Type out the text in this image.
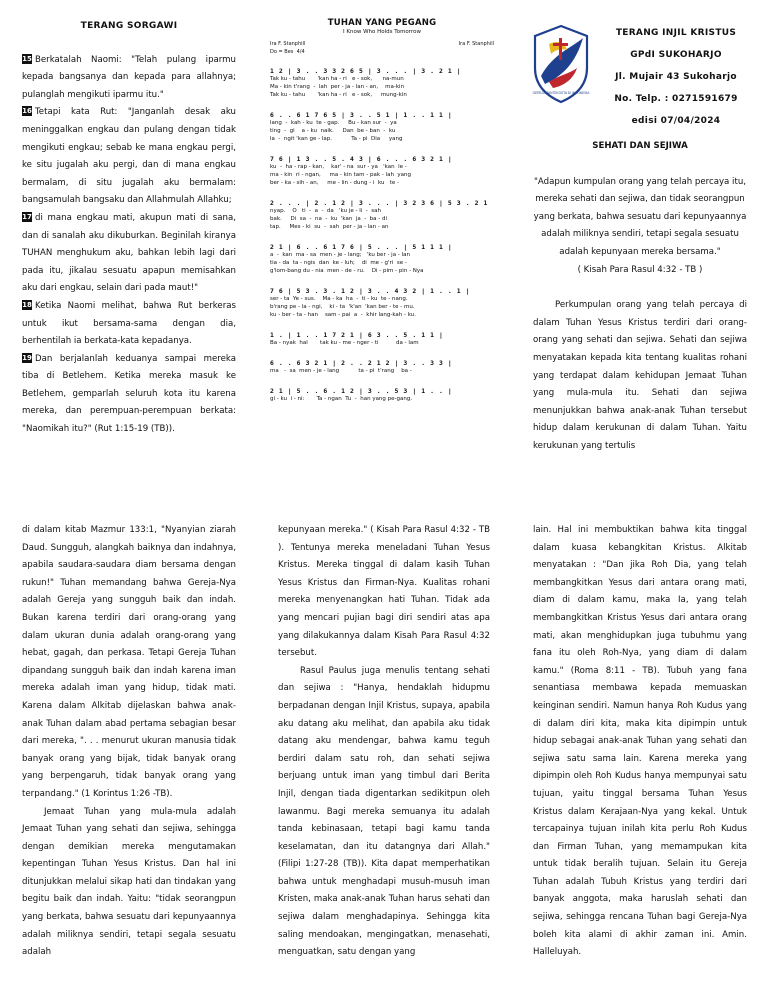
TERANG SORGAWI

15 Berkatalah Naomi: "Telah pulang iparmu kepada bangsanya dan kepada para allahnya; pulanglah mengikuti iparmu itu."

16 Tetapi kata Rut: "Janganlah desak aku meninggalkan engkau dan pulang dengan tidak mengikuti engkau; sebab ke mana engkau pergi, ke situ jugalah aku pergi, dan di mana engkau bermalam, di situ jugalah aku bermalam: bangsamulah bangsaku dan Allahmulah Allahku;

17 di mana engkau mati, akupun mati di sana, dan di sanalah aku dikuburkan. Beginilah kiranya TUHAN menghukum aku, bahkan lebih lagi dari pada itu, jikalau sesuatu apapun memisahkan aku dari engkau, selain dari pada maut!"

18 Ketika Naomi melihat, bahwa Rut berkeras untuk ikut bersama-sama dengan dia, berhentilah ia berkata-kata kepadanya.

19 Dan berjalanlah keduanya sampai mereka tiba di Betlehem. Ketika mereka masuk ke Betlehem, gemparlah seluruh kota itu karena mereka, dan perempuan-perempuan berkata: "Naomikah itu?" (Rut 1:15-19 (TB)).

TUHAN YANG PEGANG
I Know Who Holds Tomorrow
Ira F. Stanphill	Ira F. Stanphill
Do = Bes 4/4
1 2 | 3 . . 3 3 2 6 5 | 3 . . . | 3 . 2 1 |
Tak ku - tahu       'kan ha - ri   e - sok,      na-mun
Ma - kin t'rang  -  lah  per - ja - lan - an,    ma-kin
Tak ku - tahu       'kan ha - ri   e - sok,     mung-kin
6 . . 6 1 7 6 5 | 3 . . 5 1 | 1 . . 1 1 |
lang  -  kah - ku  te - gap.     Bu - kan sur  -  ya
ting  -  gi    a - ku  naik.     Dan  be - ban  -  ku
la  -  ngit 'kan ge - lap.           Ta - pi  Dia     yang
7 6 | 1 3 . . 5 . 4 3 | 6 . . . 6 3 2 1 |
ku  -  ha - rap - kan,    kar' - na  sur - ya   'kan  le -
ma - kin  ri - ngan,     ma - kin tam - pak - lah  yang
ber - ka - sih - an,     me - lin - dung - i  ku   te -
2 . . . | 2 . 1 2 | 3 . . . | 3 2 3 6 | 5 3 . 2 1
nyap.    O   ti  -  a  -  da   'ku je - li  -  sah
bak.     Di  sa  -  na  -  ku  'kan  ja  -  ba - di
tap.     Mes - ki  su  -  sah  per - ja - lan - an
2 1 | 6 . . 6 1 7 6 | 5 . . . | 5 1 1 1 |
a  -  kan  ma - sa  men - je - lang;   'ku ber - ja - lan
tia - da  ta - ngis  dan  ke - luh;    di  me - g'ri  se -
g'lom-bang du - nia  men - de - ru.    Di - pim - pin - Nya
7 6 | 5 3 . 3 . 1 2 | 3 . . 4 3 2 | 1 . . 1 |
ser - ta  Ye - sus.    Ma - ka  ha  -  ti - ku  te - nang.
b'rang pe - la - ngi,    ki - ta  'k'an  'kan ber - te - mu.
ku - ber - ta - han    sam - pai  a  -  khir lang-kah - ku.
1 . | 1 . . 1 7 2 1 | 6 3 . . 5 . 1 1 |
Ba - nyak  hal       tak ku - me - nger - ti          da - lam
6 . . 6 3 2 1 | 2 . . 2 1 2 | 3 . . 3 3 |
ma   -  sa  men - je - lang           ta - pi  t'rang    ba -
2 1 | 5 . . 6 . 1 2 | 3 . . 5 3 | 1 . . |
gi - ku  i - ni:       Ta - ngan  Tu  -  han yang pe-gang.
GEREJA PANTEKOSTA DI INDONESIA
TERANG INJIL KRISTUS
GPdI SUKOHARJO
Jl. Mujair 43 Sukoharjo
No. Telp. : 0271591679
edisi 07/04/2024
SEHATI DAN SEJIWA

"Adapun kumpulan orang yang telah percaya itu, mereka sehati dan sejiwa, dan tidak seorangpun yang berkata, bahwa sesuatu dari kepunyaannya adalah miliknya sendiri, tetapi segala sesuatu adalah kepunyaan mereka bersama."

( Kisah Para Rasul 4:32 - TB )

Perkumpulan orang yang telah percaya di dalam Tuhan Yesus Kristus terdiri dari orang-orang yang sehati dan sejiwa. Sehati dan sejiwa menyatakan kepada kita tentang kualitas rohani yang terdapat dalam kehidupan Jemaat Tuhan yang mula-mula itu. Sehati dan sejiwa menunjukkan bahwa anak-anak Tuhan tersebut hidup dalam kerukunan di dalam Tuhan. Yaitu kerukunan yang tertulis

di dalam kitab Mazmur 133:1, "Nyanyian ziarah Daud. Sungguh, alangkah baiknya dan indahnya, apabila saudara-saudara diam bersama dengan rukun!" Tuhan memandang bahwa Gereja-Nya adalah Gereja yang sungguh baik dan indah. Bukan karena terdiri dari orang-orang yang dalam ukuran dunia adalah orang-orang yang hebat, gagah, dan perkasa. Tetapi Gereja Tuhan dipandang sungguh baik dan indah karena iman mereka adalah iman yang hidup, tidak mati. Karena dalam Alkitab dijelaskan bahwa anak-anak Tuhan dalam abad pertama sebagian besar dari mereka, ". . . menurut ukuran manusia tidak banyak orang yang bijak, tidak banyak orang yang berpengaruh, tidak banyak orang yang terpandang." (1 Korintus 1:26 -TB).

Jemaat Tuhan yang mula-mula adalah Jemaat Tuhan yang sehati dan sejiwa, sehingga dengan demikian mereka mengutamakan kepentingan Tuhan Yesus Kristus. Dan hal ini ditunjukkan melalui sikap hati dan tindakan yang begitu baik dan indah. Yaitu: "tidak seorangpun yang berkata, bahwa sesuatu dari kepunyaannya adalah miliknya sendiri, tetapi segala sesuatu adalah

kepunyaan mereka." ( Kisah Para Rasul 4:32 - TB ). Tentunya mereka meneladani Tuhan Yesus Kristus. Mereka tinggal di dalam kasih Tuhan Yesus Kristus dan Firman-Nya. Kualitas rohani mereka menyenangkan hati Tuhan. Tidak ada yang mencari pujian bagi diri sendiri atas apa yang dilakukannya dalam Kisah Para Rasul 4:32 tersebut.

Rasul Paulus juga menulis tentang sehati dan sejiwa : "Hanya, hendaklah hidupmu berpadanan dengan Injil Kristus, supaya, apabila aku datang aku melihat, dan apabila aku tidak datang aku mendengar, bahwa kamu teguh berdiri dalam satu roh, dan sehati sejiwa berjuang untuk iman yang timbul dari Berita Injil, dengan tiada digentarkan sedikitpun oleh lawanmu. Bagi mereka semuanya itu adalah tanda kebinasaan, tetapi bagi kamu tanda keselamatan, dan itu datangnya dari Allah." (Filipi 1:27-28 (TB)). Kita dapat memperhatikan bahwa untuk menghadapi musuh-musuh iman Kristen, maka anak-anak Tuhan harus sehati dan sejiwa dalam menghadapinya. Sehingga kita saling mendoakan, mengingatkan, menasehati, menguatkan, satu dengan yang

lain. Hal ini membuktikan bahwa kita tinggal dalam kuasa kebangkitan Kristus. Alkitab menyatakan : "Dan jika Roh Dia, yang telah membangkitkan Yesus dari antara orang mati, diam di dalam kamu, maka Ia, yang telah membangkitkan Kristus Yesus dari antara orang mati, akan menghidupkan juga tubuhmu yang fana itu oleh Roh-Nya, yang diam di dalam kamu." (Roma 8:11 - TB). Tubuh yang fana senantiasa membawa kepada memuaskan keinginan sendiri. Namun hanya Roh Kudus yang di dalam diri kita, maka kita dipimpin untuk hidup sebagai anak-anak Tuhan yang sehati dan sejiwa satu sama lain. Karena mereka yang dipimpin oleh Roh Kudus hanya mempunyai satu tujuan, yaitu tinggal bersama Tuhan Yesus Kristus dalam Kerajaan-Nya yang kekal. Untuk tercapainya tujuan inilah kita perlu Roh Kudus dan Firman Tuhan, yang memampukan kita untuk tidak beralih tujuan. Selain itu Gereja Tuhan adalah Tubuh Kristus yang terdiri dari banyak anggota, maka haruslah sehati dan sejiwa, sehingga rencana Tuhan bagi Gereja-Nya boleh kita alami di akhir zaman ini. Amin. Halleluyah.
